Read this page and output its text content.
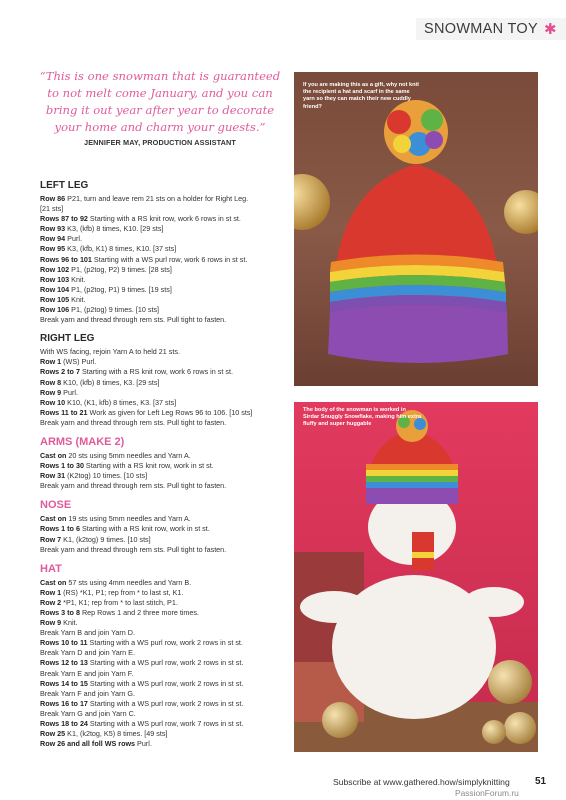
SNOWMAN TOY ✱
“This is one snowman that is guaranteed to not melt come January, and you can bring it out year after year to decorate your home and charm your guests.”
JENNIFER MAY, PRODUCTION ASSISTANT
LEFT LEG
Row 86 P21, turn and leave rem 21 sts on a holder for Right Leg.
[21 sts]
Rows 87 to 92 Starting with a RS knit row, work 6 rows in st st.
Row 93 K3, (kfb) 8 times, K10. [29 sts]
Row 94 Purl.
Row 95 K3, (kfb, K1) 8 times, K10. [37 sts]
Rows 96 to 101 Starting with a WS purl row, work 6 rows in st st.
Row 102 P1, (p2tog, P2) 9 times. [28 sts]
Row 103 Knit.
Row 104 P1, (p2tog, P1) 9 times. [19 sts]
Row 105 Knit.
Row 106 P1, (p2tog) 9 times. [10 sts]
Break yarn and thread through rem sts. Pull tight to fasten.
RIGHT LEG
With WS facing, rejoin Yarn A to held 21 sts.
Row 1 (WS) Purl.
Rows 2 to 7 Starting with a RS knit row, work 6 rows in st st.
Row 8 K10, (kfb) 8 times, K3. [29 sts]
Row 9 Purl.
Row 10 K10, (K1, kfb) 8 times, K3. [37 sts]
Rows 11 to 21 Work as given for Left Leg Rows 96 to 106. [10 sts]
Break yarn and thread through rem sts. Pull tight to fasten.
ARMS (MAKE 2)
Cast on 20 sts using 5mm needles and Yarn A.
Rows 1 to 30 Starting with a RS knit row, work in st st.
Row 31 (K2tog) 10 times. [10 sts]
Break yarn and thread through rem sts. Pull tight to fasten.
NOSE
Cast on 19 sts using 5mm needles and Yarn A.
Rows 1 to 6 Starting with a RS knit row, work in st st.
Row 7 K1, (k2tog) 9 times. [10 sts]
Break yarn and thread through rem sts. Pull tight to fasten.
HAT
Cast on 57 sts using 4mm needles and Yarn B.
Row 1 (RS) *K1, P1; rep from * to last st, K1.
Row 2 *P1, K1; rep from * to last stitch, P1.
Rows 3 to 8 Rep Rows 1 and 2 three more times.
Row 9 Knit.
Break Yarn B and join Yarn D.
Rows 10 to 11 Starting with a WS purl row, work 2 rows in st st.
Break Yarn D and join Yarn E.
Rows 12 to 13 Starting with a WS purl row, work 2 rows in st st.
Break Yarn E and join Yarn F.
Rows 14 to 15 Starting with a WS purl row, work 2 rows in st st.
Break Yarn F and join Yarn G.
Rows 16 to 17 Starting with a WS purl row, work 2 rows in st st.
Break Yarn G and join Yarn C.
Rows 18 to 24 Starting with a WS purl row, work 7 rows in st st.
Row 25 K1, (k2tog, K5) 8 times. [49 sts]
Row 26 and all foll WS rows Purl.
If you are making this as a gift, why not knit the recipient a hat and scarf in the same yarn so they can match their new cuddly friend?
The body of the snowman is worked in Sirdar Snuggly Snowflake, making him extra fluffy and super huggable
Subscribe at www.gathered.how/simplyknitting	51
PassionForum.ru
